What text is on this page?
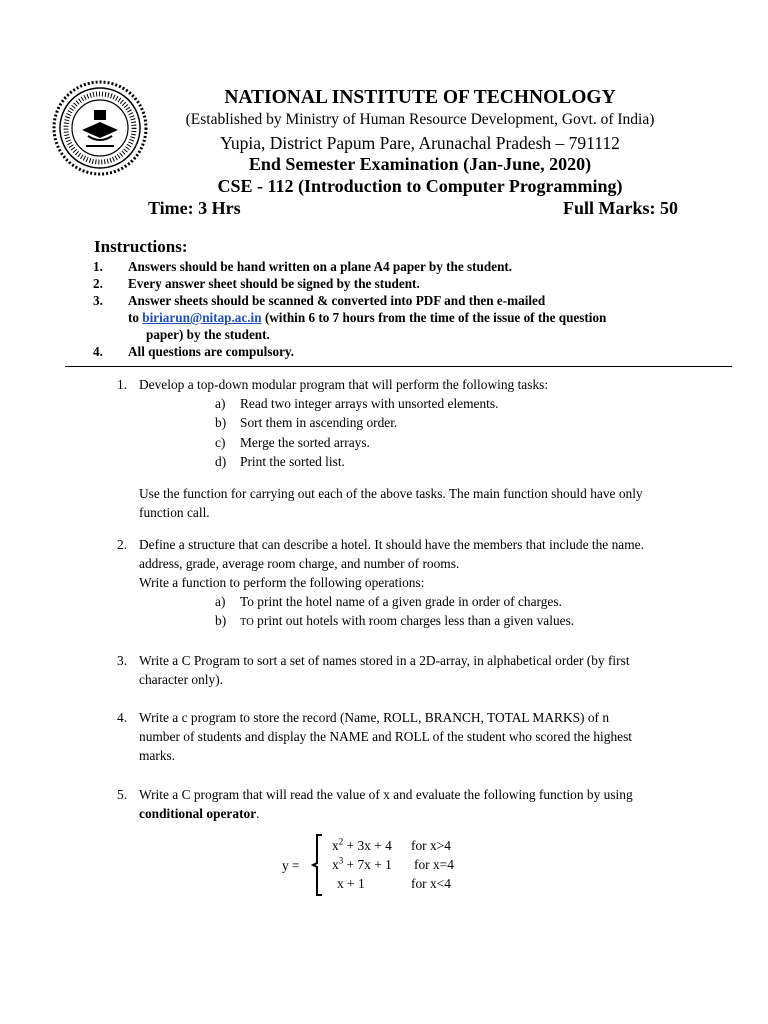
NATIONAL INSTITUTE OF TECHNOLOGY
(Established by Ministry of Human Resource Development, Govt. of India)
Yupia, District Papum Pare, Arunachal Pradesh – 791112
End Semester Examination (Jan-June, 2020)
CSE - 112 (Introduction to Computer Programming)
Time: 3 Hrs	Full Marks: 50
Instructions:
1.	Answers should be hand written on a plane A4 paper by the student.
2.	Every answer sheet should be signed by the student.
3.	Answer sheets should be scanned & converted into PDF and then e-mailed
to biriarun@nitap.ac.in (within 6 to 7 hours from the time of the issue of the question
paper) by the student.
4.	All questions are compulsory.
1. Develop a top-down modular program that will perform the following tasks:
a)	Read two integer arrays with unsorted elements.
b)	Sort them in ascending order.
c)	Merge the sorted arrays.
d)	Print the sorted list.
Use the function for carrying out each of the above tasks. The main function should have only
function call.
2. Define a structure that can describe a hotel. It should have the members that include the name.
address, grade, average room charge, and number of rooms.
Write a function to perform the following operations:
a)	To print the hotel name of a given grade in order of charges.
b)	TO print out hotels with room charges less than a given values.
3. Write a C Program to sort a set of names stored in a 2D-array, in alphabetical order (by first
character only).
4. Write a c program to store the record (Name, ROLL, BRANCH, TOTAL MARKS) of n
number of students and display the NAME and ROLL of the student who scored the highest
marks.
5. Write a C program that will read the value of x and evaluate the following function by using
conditional operator.
y =
$x^2 + 3x + 4$ for x>4
$x^3 + 7x + 1$ for x=4
x + 1	for x<4
